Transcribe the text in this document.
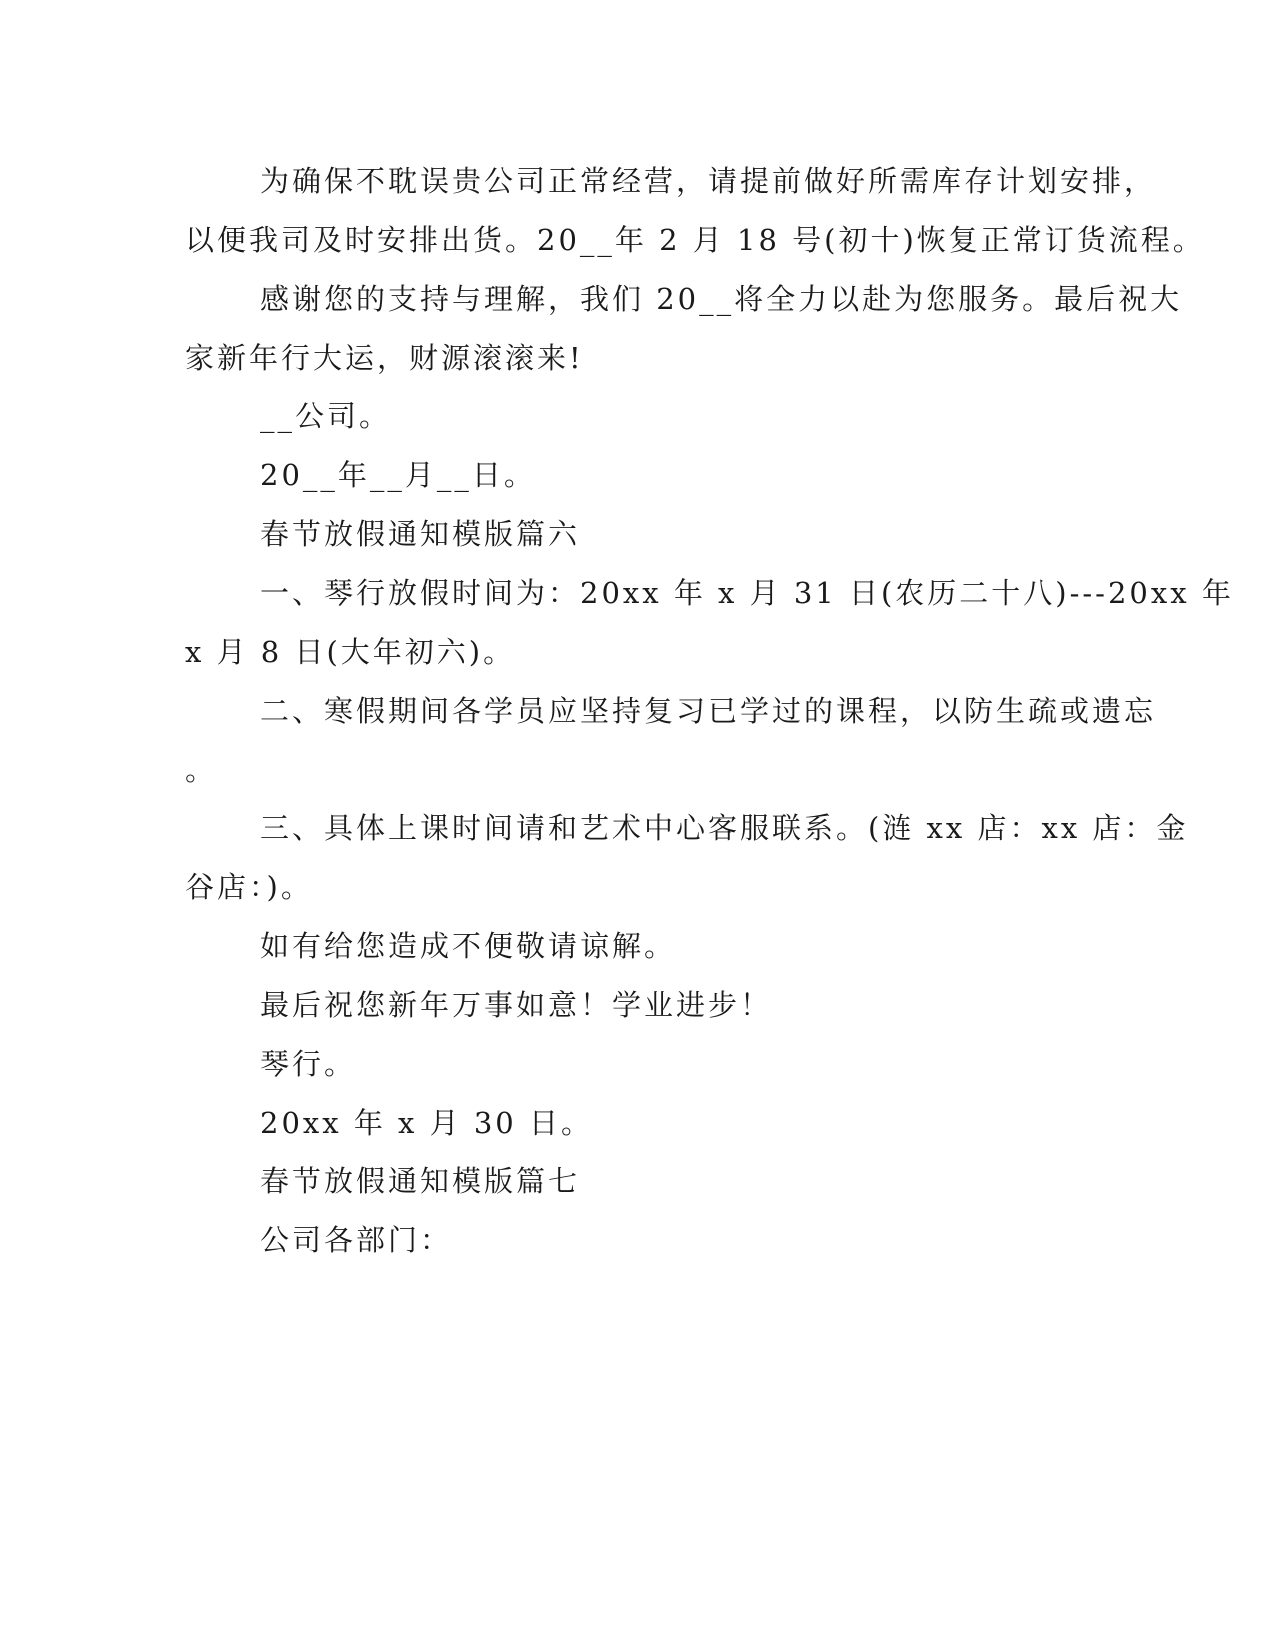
为确保不耽误贵公司正常经营，请提前做好所需库存计划安排，
以便我司及时安排出货。20__年 2 月 18 号(初十)恢复正常订货流程。
感谢您的支持与理解，我们 20__将全力以赴为您服务。最后祝大
家新年行大运，财源滚滚来!
__公司。
20__年__月__日。
春节放假通知模版篇六
一、琴行放假时间为：20xx 年 x 月 31 日(农历二十八)---20xx 年
x 月 8 日(大年初六)。
二、寒假期间各学员应坚持复习已学过的课程，以防生疏或遗忘
。
三、具体上课时间请和艺术中心客服联系。(涟 xx 店：xx 店：金
谷店：)。
如有给您造成不便敬请谅解。
最后祝您新年万事如意！学业进步！
琴行。
20xx 年 x 月 30 日。
春节放假通知模版篇七
公司各部门：
